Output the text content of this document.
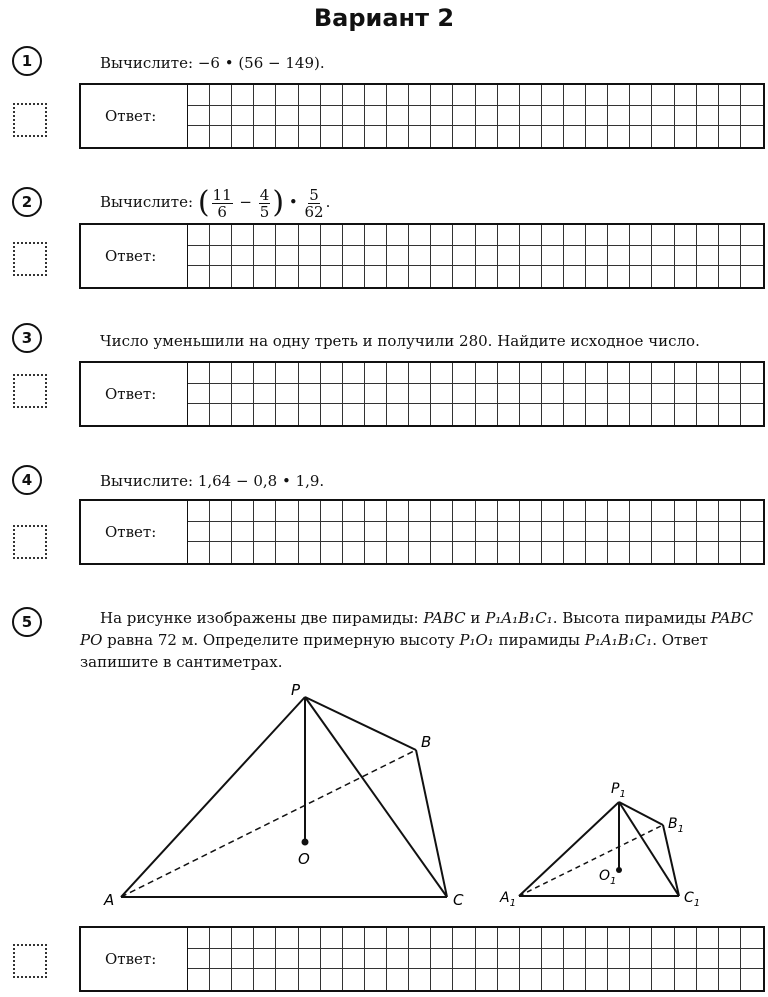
Вариант 2
1	Вычислите: −6 • (56 − 149).
Ответ:
2	Вычислите: ( $\frac{11}{6} - \frac{4}{5}$ ) • $\frac{5}{62}$ .
Ответ:
3	Число уменьшили на одну треть и получили 280. Найдите исходное число.
Ответ:
4	Вычислите: 1,64 − 0,8 • 1,9.
Ответ:
5	На рисунке изображены две пирамиды: PABC и P₁A₁B₁C₁. Высота пирамиды PABC PO равна 72 м. Определите примерную высоту P₁O₁ пирамиды P₁A₁B₁C₁. Ответ запишите в сантиметрах.
P
A
B
C
O
$P_1$
$A_1$
$B_1$
$C_1$
$O_1$
Ответ:
